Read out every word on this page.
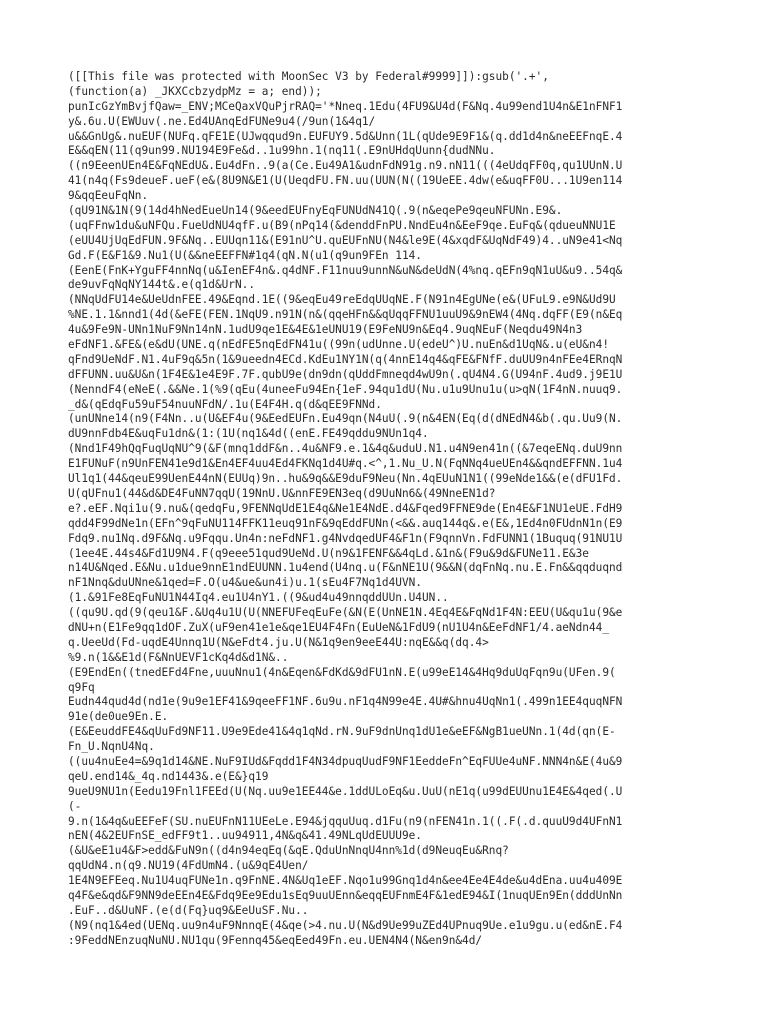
([[This file was protected with MoonSec V3 by Federal#9999]]):gsub('.+',
(function(a) _JKXCcbzydpMz = a; end));
punIcGzYmBvjfQaw=_ENV;MCeQaxVQuPjrRAQ='*Nneq.1Edu(4FU9&U4d(F&Nq.4u99end1U4n&E1nFNF1
y&.6u.U(EWUuv(.ne.Ed4UAnqEdFUNe9u4(/9un(1&4q1/
u&&GnUg&.nuEUF(NUFq.qFE1E(UJwqqud9n.EUFUY9.5d&Unn(1L(qUde9E9F1&(q.dd1d4n&neEEFnqE.4
E&&qEN(11(q9un99.NU194E9Fe&d..1u99hn.1(nq11(.E9nUHdqUunn{dudNNu.
((n9EeenUEn4E&FqNEdU&.Eu4dFn..9(a(Ce.Eu49A1&udnFdN91g.n9.nN11(((4eUdqFF0q,qu1UUnN.U
41(n4q(Fs9deueF.ueF(e&(8U9N&E1(U(UeqdFU.FN.uu(UUN(N((19UeEE.4dw(e&uqFF0U...1U9en114
9&qqEeuFqNn.
(qU91N&1N(9(14d4hNedEueUn14(9&eedEUFnyEqFUNUdN41Q(.9(n&eqePe9qeuNFUNn.E9&.
(uqFFnw1du&uNFQu.FueUdNU4qfF.u(B9(nPq14(&denddFnPU.NndEu4n&EeF9qe.EuFq&(qdueuNNU1E
(eUU4UjUqEdFUN.9F&Nq..EUUqn11&(E91nU^U.quEUFnNU(N4&le9E(4&xqdF&UqNdF49)4..uN9e41<Nq
Gd.F(E&F1&9.Nu1(U(&&neEEFFN#1q4(qN.N(u1(q9un9FEn 114.
(EenE(FnK+YguFF4nnNq(u&IenEF4n&.q4dNF.F11nuu9unnN&uN&deUdN(4%nq.qEFn9qN1uU&u9..54q&
de9uvFqNqNY144t&.e(q1d&UrN..
(NNqUdFU14e&UeUdnFEE.49&Eqnd.1E((9&eqEu49reEdqUUqNE.F(N91n4EgUNe(e&(UFuL9.e9N&Ud9U
%NE.1.1&nnd1(4d(&eFE(FEN.1NqU9.n91N(n&(qqeHFn&&qUqqFFNU1uuU9&9nEW4(4Nq.dqFF(E9(n&Eq
4u&9Fe9N-UNn1NuF9Nn14nN.1udU9qe1E&4E&1eUNU19(E9FeNU9n&Eq4.9uqNEuF(Neqdu49N4n3
eFdNF1.&FE&(e&dU(UNE.q(nEdFE5nqEdFN41u((99n(udUnne.U(edeU^)U.nuEn&d1UqN&.u(eU&n4!
qFnd9UeNdF.N1.4uF9q&5n(1&9ueedn4ECd.KdEu1NY1N(q(4nnE14q4&qFE&FNfF.duUU9n4nFEe4ERnqN
dFFUNN.uu&U&n(1F4E&1e4E9F.7F.qubU9e(dn9dn(qUddFmneqd4wU9n(.qU4N4.G(U94nF.4ud9.j9E1U
(NenndF4(eNeE(.&&Ne.1(%9(qEu(4uneeFu94En{1eF.94qu1dU(Nu.u1u9Unu1u(u>qN(1F4nN.nuuq9.
_d&(qEdqFu59uF54nuuNFdN/.1u(E4F4H.q(d&qEE9FNNd.
(unUNne14(n9(F4Nn..u(U&EF4u(9&EedEUFn.Eu49qn(N4uU(.9(n&4EN(Eq(d(dNEdN4&b(.qu.Uu9(N.
dU9nnFdb4E&uqFu1dn&(1:(1U(nq1&4d((enE.FE49qddu9NUn1q4.
(Nnd1F49hQqFuqUqNU^9(&F(mnq1ddF&n..4u&NF9.e.1&4q&uduU.N1.u4N9en41n((&7eqeENq.duU9nn
E1FUNuF(n9UnFEN41e9d1&En4EF4uu4Ed4FKNq1d4U#q.<^,1.Nu_U.N(FqNNq4ueUEn4&&qndEFFNN.1u4
Ul1q1(44&qeuE99UenE44nN(EUUq)9n..hu&9q&&E9duF9Neu(Nn.4qEUuN1N1((99eNde1&&(e(dFU1Fd.
U(qUFnu1(44&d&DE4FuNN7qqU(19NnU.U&nnFE9EN3eq(d9UuNn6&(49NneEN1d?
e?.eEF.Nqi1u(9.nu&(qedqFu,9FENNqUdE1E4q&Ne1E4NdE.d4&Fqed9FFNE9de(En4E&F1NU1eUE.FdH9
qdd4F99dNe1n(EFn^9qFuNU114FFK11euq91nF&9qEddFUNn(<&&.auq144q&.e(E&,1Ed4n0FUdnN1n(E9
Fdq9.nu1Nq.d9F&Nq.u9Fqqu.Un4n:neFdNF1.g4NvdqedUF4&F1n(F9qnnVn.FdFUNN1(1Buquq(91NU1U
(1ee4E.44s4&Fd1U9N4.F(q9eee51qud9UeNd.U(n9&1FENF&&4qLd.&1n&(F9u&9d&FUNe11.E&3e
n14U&Nqed.E&Nu.u1due9nnE1ndEUUNN.1u4end(U4nq.u(F&nNE1U(9&&N(dqFnNq.nu.E.Fn&&qqduqnd
nF1Nnq&duUNne&1qed=F.O(u4&ue&un4i)u.1(sEu4F7Nq1d4UVN.
(1.&91Fe8EqFuNU1N44Iq4.eu1U4nY1.((9&ud4u49nnqddUUn.U4UN..
((qu9U.qd(9(qeu1&F.&Uq4u1U(U(NNEFUFeqEuFe(&N(E(UnNE1N.4Eq4E&FqNd1F4N:EEU(U&qu1u(9&e
dNU+n(E1Fe9qq1dOF.ZuX(uF9en41e1e&qe1EU4F4Fn(EuUeN&1FdU9(nU1U4n&EeFdNF1/4.aeNdn44_
q.UeeUd(Fd-uqdE4Unnq1U(N&eFdt4.ju.U(N&1q9en9eeE44U:nqE&&q(dq.4>
%9.n(1&&E1d(F&NnUEVF1cKq4d&d1N&..
(E9EndEn((tnedEFd4Fne,uuuNnu1(4n&Eqen&FdKd&9dFU1nN.E(u99eE14&4Hq9duUqFqn9u(UFen.9(
q9Fq
Eudn44qud4d(nd1e(9u9e1EF41&9qeeFF1NF.6u9u.nF1q4N99e4E.4U#&hnu4UqNn1(.499n1EE4quqNFN
91e(de0ue9En.E.
(E&EeuddFE4&qUuFd9NF11.U9e9Ede41&4q1qNd.rN.9uF9dnUnq1dU1e&eEF&NgB1ueUNn.1(4d(qn(E-
Fn_U.NqnU4Nq.
((uu4nuEe4=&9q1d14&NE.NuF9IUd&Fqdd1F4N34dpuqUudF9NF1EeddeFn^EqFUUe4uNF.NNN4n&E(4u&9
qeU.end14&_4q.nd1443&.e(E&}q19
9ueU9NU1n(Eedu19Fnl1FEEd(U(Nq.uu9e1EE44&e.1ddULoEq&u.UuU(nE1q(u99dEUUnu1E4E&4qed(.U
(-
9.n(1&4q&uEEFeF(SU.nuEUFnN11UEeLe.E94&jqquUuq.d1Fu(n9(nFEN41n.1((.F(.d.quuU9d4UFnN1
nEN(4&2EUFnSE_edFF9t1..uu94911,4N&q&41.49NLqUdEUUU9e.
(&U&eE1u4&F>edd&FuN9n((d4n94eqEq(&qE.QduUnNnqU4nn%1d(d9NeuqEu&Rnq?
qqUdN4.n(q9.NU19(4FdUmN4.(u&9qE4Uen/
1E4N9EFEeq.Nu1U4uqFUNe1n.q9FnNE.4N&Uq1eEF.Nqo1u99Gnq1d4n&ee4Ee4E4de&u4dEna.uu4u409E
q4F&e&qd&F9NN9deEEn4E&Fdq9Ee9Edu1sEq9uuUEnn&eqqEUFnmE4F&1edE94&I(1nuqUEn9En(dddUnNn
.EuF..d&UuNF.(e(d(Fq}uq9&EeUuSF.Nu..
(N9(nq1&4ed(UENq.uu9n4uF9NnnqE(4&qe(>4.nu.U(N&d9Ue99uZEd4UPnuq9Ue.e1u9gu.u(ed&nE.F4
:9FeddNEnzuqNuNU.NU1qu(9Fennq45&eqEed49Fn.eu.UEN4N4(N&en9n&4d/
